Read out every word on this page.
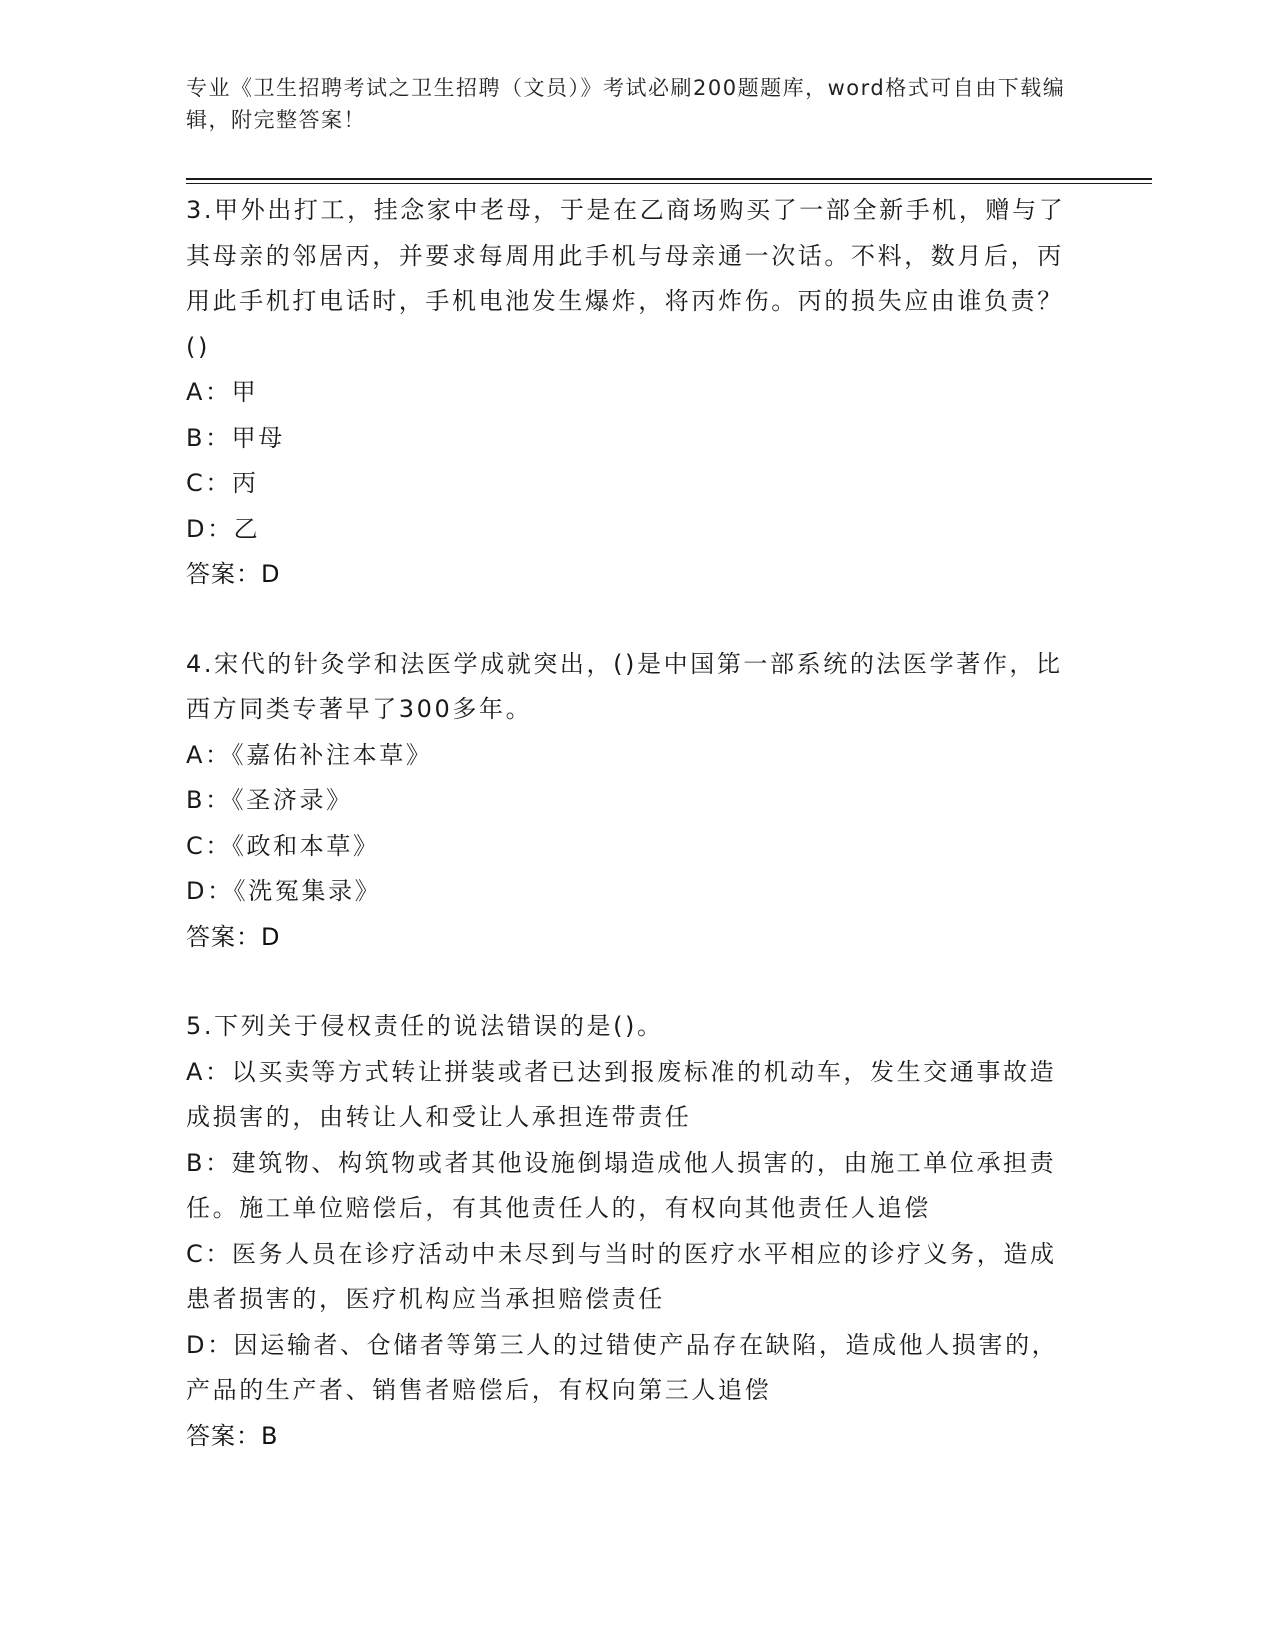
专业《卫生招聘考试之卫生招聘（文员）》考试必刷200题题库，word格式可自由下载编辑，附完整答案！

3.甲外出打工，挂念家中老母，于是在乙商场购买了一部全新手机，赠与了其母亲的邻居丙，并要求每周用此手机与母亲通一次话。不料，数月后，丙用此手机打电话时，手机电池发生爆炸，将丙炸伤。丙的损失应由谁负责？()

A：甲

B：甲母

C：丙

D：乙

答案：D

4.宋代的针灸学和法医学成就突出，()是中国第一部系统的法医学著作，比西方同类专著早了300多年。

A：《嘉佑补注本草》

B：《圣济录》

C：《政和本草》

D：《洗冤集录》

答案：D

5.下列关于侵权责任的说法错误的是()。

A：以买卖等方式转让拼装或者已达到报废标准的机动车，发生交通事故造成损害的，由转让人和受让人承担连带责任

B：建筑物、构筑物或者其他设施倒塌造成他人损害的，由施工单位承担责任。施工单位赔偿后，有其他责任人的，有权向其他责任人追偿

C：医务人员在诊疗活动中未尽到与当时的医疗水平相应的诊疗义务，造成患者损害的，医疗机构应当承担赔偿责任

D：因运输者、仓储者等第三人的过错使产品存在缺陷，造成他人损害的，产品的生产者、销售者赔偿后，有权向第三人追偿

答案：B
